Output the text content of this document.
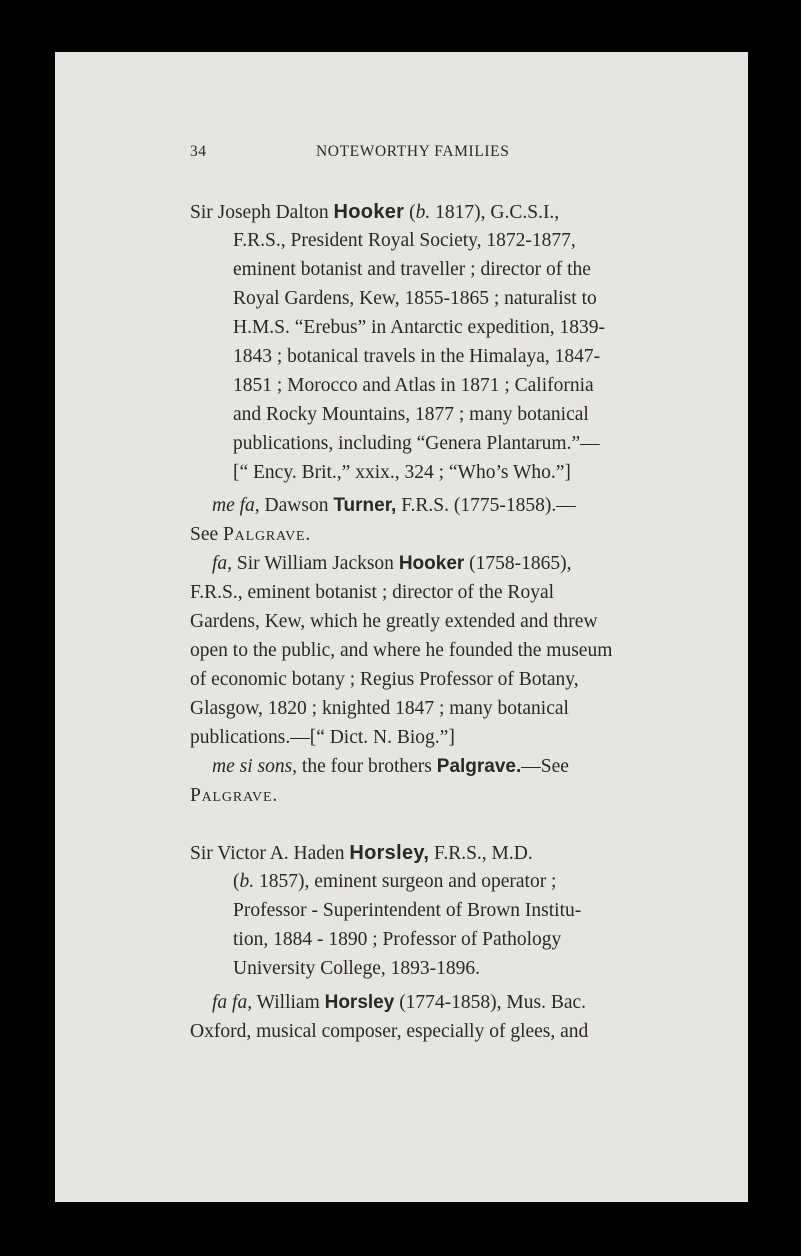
34	NOTEWORTHY FAMILIES
Sir Joseph Dalton Hooker (b. 1817), G.C.S.I.,
F.R.S., President Royal Society, 1872-1877,
eminent botanist and traveller ; director of the
Royal Gardens, Kew, 1855-1865 ; naturalist to
H.M.S. “Erebus” in Antarctic expedition, 1839-
1843 ; botanical travels in the Himalaya, 1847-
1851 ; Morocco and Atlas in 1871 ; California
and Rocky Mountains, 1877 ; many botanical
publications, including “Genera Plantarum.”—
[“ Ency. Brit.,” xxix., 324 ; “Who’s Who.”]
me fa, Dawson Turner, F.R.S. (1775-1858).—
See Palgrave.
fa, Sir William Jackson Hooker (1758-1865),
F.R.S., eminent botanist ; director of the Royal
Gardens, Kew, which he greatly extended and threw
open to the public, and where he founded the museum
of economic botany ; Regius Professor of Botany,
Glasgow, 1820 ; knighted 1847 ; many botanical
publications.—[“ Dict. N. Biog.”]
me si sons, the four brothers Palgrave.—See
Palgrave.
Sir Victor A. Haden Horsley, F.R.S., M.D.
(b. 1857), eminent surgeon and operator ;
Professor - Superintendent of Brown Institu-
tion, 1884 - 1890 ; Professor of Pathology
University College, 1893-1896.
fa fa, William Horsley (1774-1858), Mus. Bac.
Oxford, musical composer, especially of glees, and
